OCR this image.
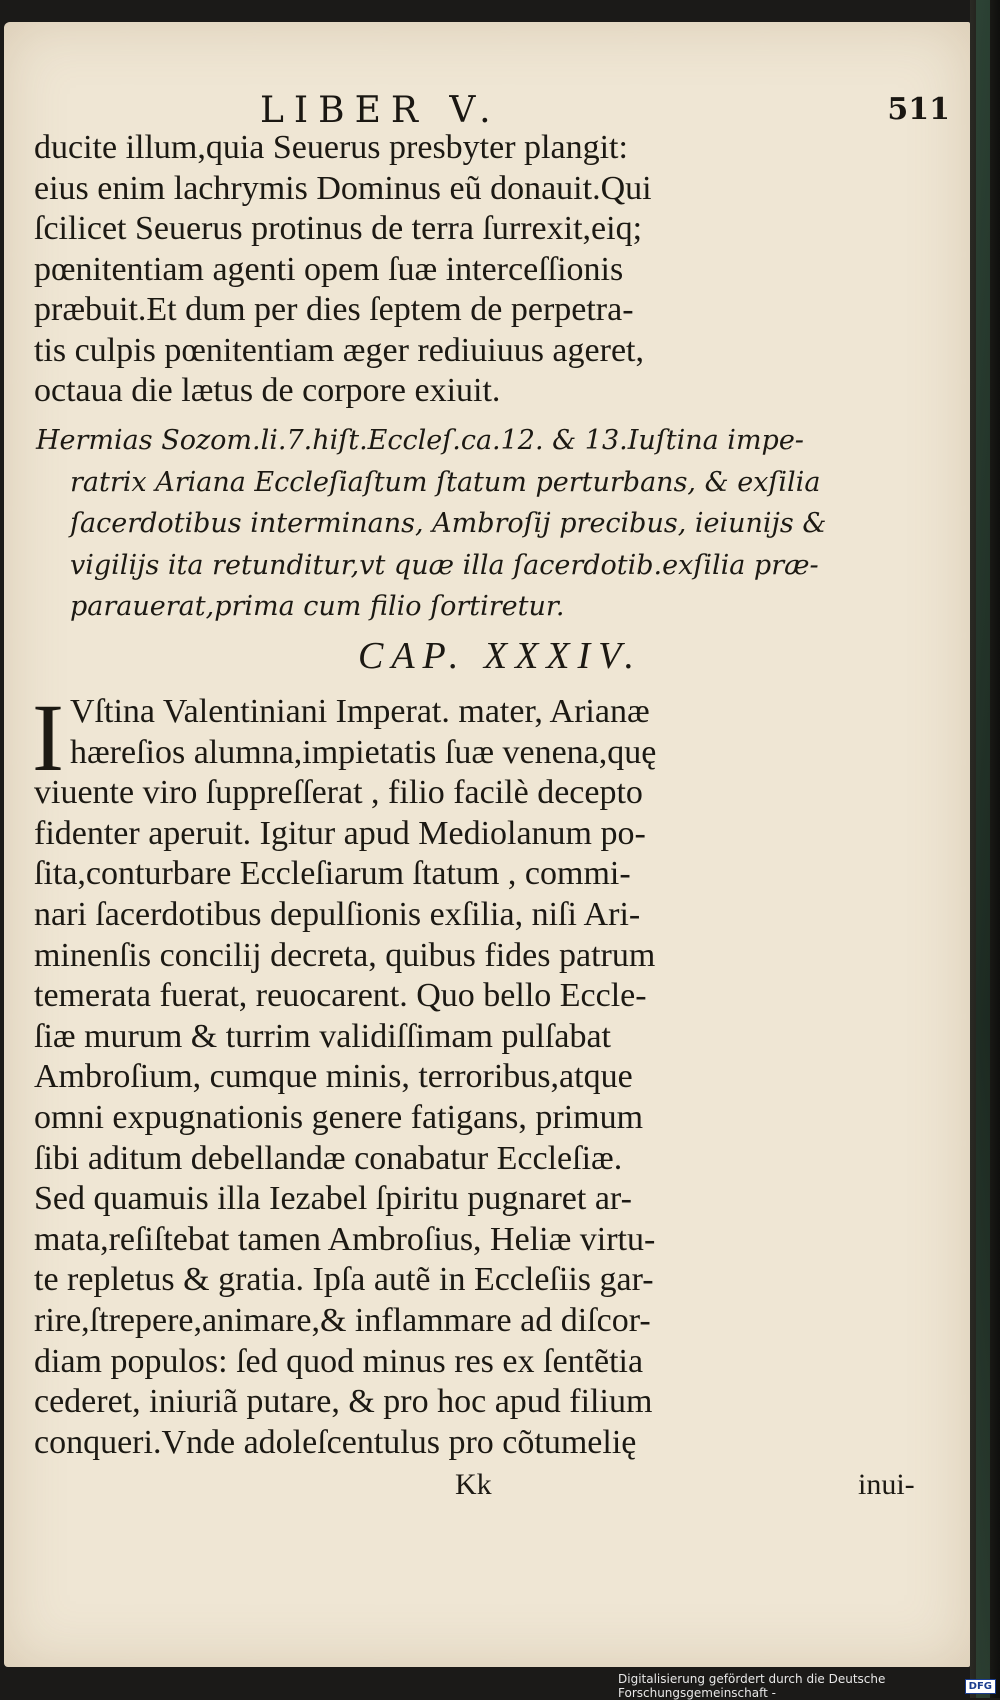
LIBER V.	511
ducite illum,quia Seuerus presbyter plangit:
eius enim lachrymis Dominus eũ donauit.Qui
ſcilicet Seuerus protinus de terra ſurrexit,eiq;
pœnitentiam agenti opem ſuæ interceſſionis
præbuit.Et dum per dies ſeptem de perpetra-
tis culpis pœnitentiam æger rediuiuus ageret,
octaua die lætus de corpore exiuit.
Hermias Sozom.li.7.hiſt.Eccleſ.ca.12. & 13.Iuſtina impe-
ratrix Ariana Eccleſiaſtum ſtatum perturbans, & exſilia
ſacerdotibus interminans, Ambroſij precibus, ieiunijs &
vigilijs ita retunditur,vt quæ illa ſacerdotib.exſilia præ-
parauerat,prima cum filio ſortiretur.
CAP. XXXIV.
I Vſtina Valentiniani Imperat. mater, Arianæ
hæreſios alumna,impietatis ſuæ venena,quę
viuente viro ſuppreſſerat , filio facilè decepto
fidenter aperuit. Igitur apud Mediolanum po-
ſita,conturbare Eccleſiarum ſtatum , commi-
nari ſacerdotibus depulſionis exſilia, niſi Ari-
minenſis concilij decreta, quibus fides patrum
temerata fuerat, reuocarent. Quo bello Eccle-
ſiæ murum & turrim validiſſimam pulſabat
Ambroſium, cumque minis, terroribus,atque
omni expugnationis genere fatigans, primum
ſibi aditum debellandæ conabatur Eccleſiæ.
Sed quamuis illa Iezabel ſpiritu pugnaret ar-
mata,reſiſtebat tamen Ambroſius, Heliæ virtu-
te repletus & gratia. Ipſa autẽ in Eccleſiis gar-
rire,ſtrepere,animare,& inflammare ad diſcor-
diam populos: ſed quod minus res ex ſentẽtia
cederet, iniuriã putare, & pro hoc apud filium
conqueri.Vnde adoleſcentulus pro cõtumelię
Kk	inui-
Digitalisierung gefördert durch die Deutsche Forschungsgemeinschaft -	DFG
